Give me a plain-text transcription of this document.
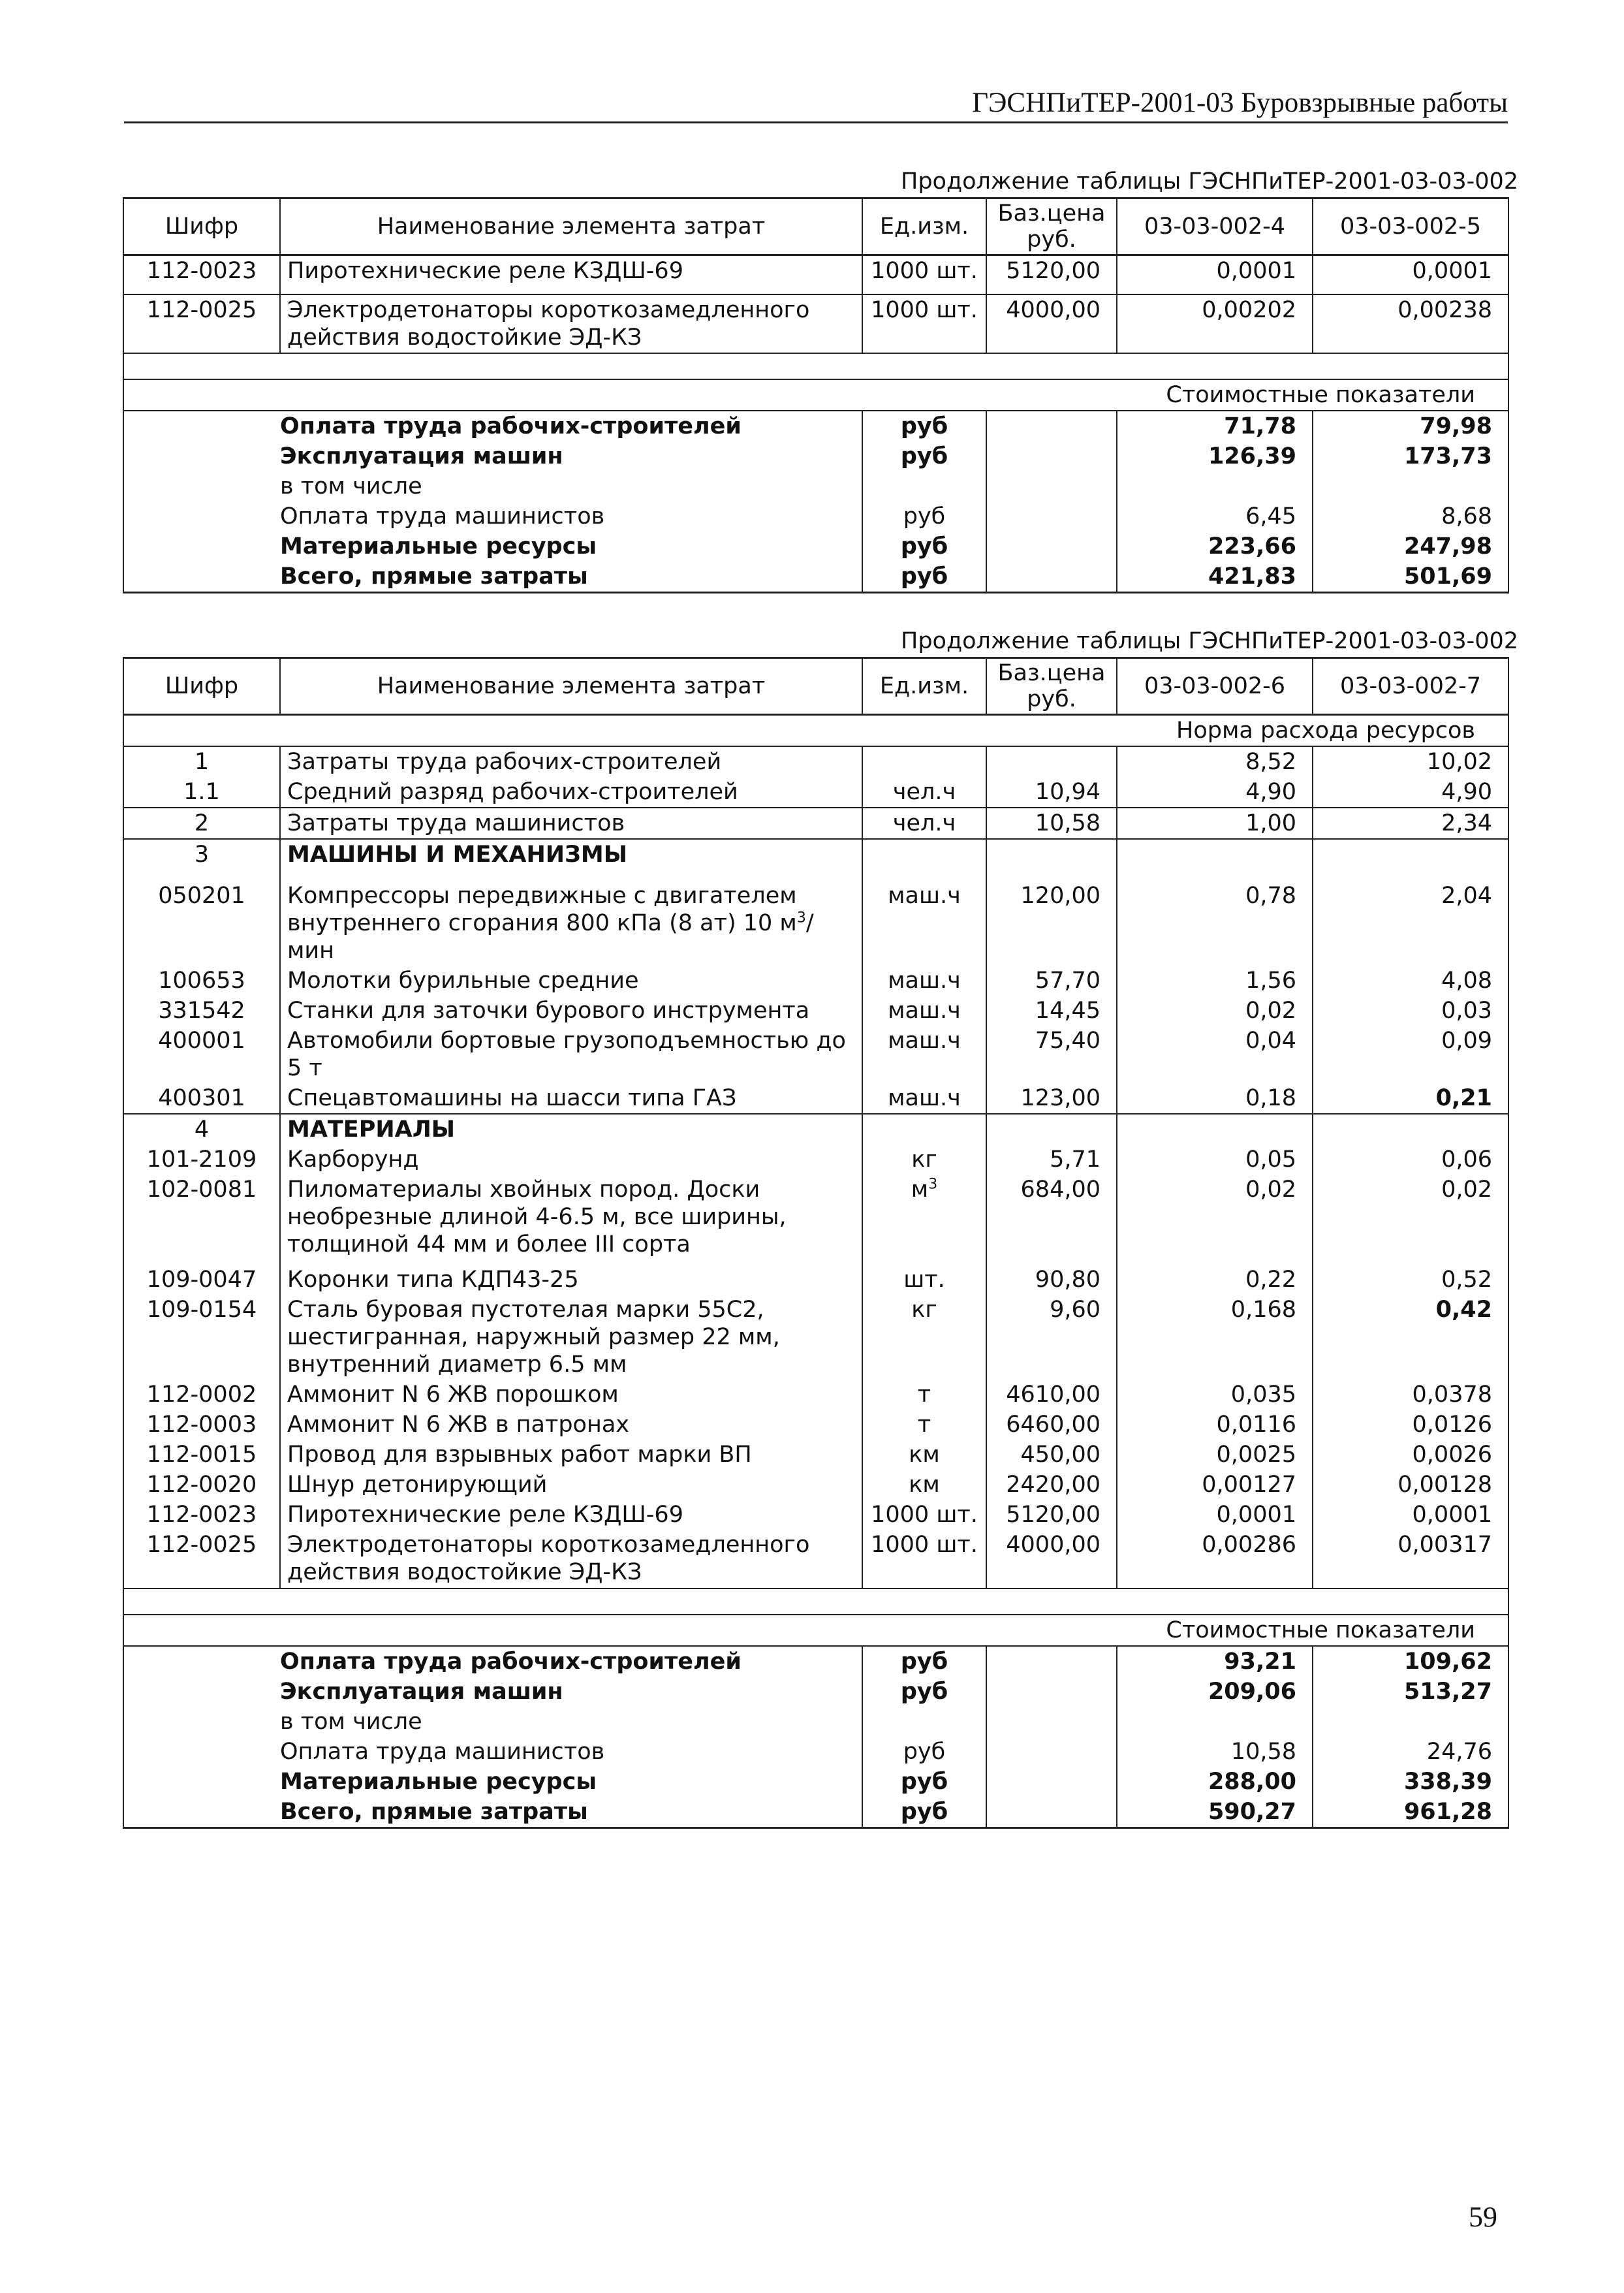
ГЭСНПиТЕР-2001-03 Буровзрывные работы
Продолжение таблицы ГЭСНПиТЕР-2001-03-03-002
Шифр	Наименование элемента затрат	Ед.изм.	Баз.цена руб.	03-03-002-4	03-03-002-5
112-0023	Пиротехнические реле КЗДШ-69	1000 шт.	5120,00	0,0001	0,0001
112-0025	Электродетонаторы короткозамедленного действия водостойкие ЭД-КЗ	1000 шт.	4000,00	0,00202	0,00238

Стоимостные показатели					
	Оплата труда рабочих-строителей	руб		71,78	79,98
	Эксплуатация машин	руб		126,39	173,73
	в том числе				
	Оплата труда машинистов	руб		6,45	8,68
	Материальные ресурсы	руб		223,66	247,98
	Всего, прямые затраты	руб		421,83	501,69
Продолжение таблицы ГЭСНПиТЕР-2001-03-03-002
Шифр	Наименование элемента затрат	Ед.изм.	Баз.цена руб.	03-03-002-6	03-03-002-7
Норма расхода ресурсов					
1	Затраты труда рабочих-строителей			8,52	10,02
1.1	Средний разряд рабочих-строителей	чел.ч	10,94	4,90	4,90
2	Затраты труда машинистов	чел.ч	10,58	1,00	2,34
3	МАШИНЫ И МЕХАНИЗМЫ				
050201	Компрессоры передвижные с двигателем внутреннего сгорания 800 кПа (8 ат) 10 $м^3$/мин	маш.ч	120,00	0,78	2,04
100653	Молотки бурильные средние	маш.ч	57,70	1,56	4,08
331542	Станки для заточки бурового инструмента	маш.ч	14,45	0,02	0,03
400001	Автомобили бортовые грузоподъемностью до 5 т	маш.ч	75,40	0,04	0,09
400301	Спецавтомашины на шасси типа ГАЗ	маш.ч	123,00	0,18	0,21
4	МАТЕРИАЛЫ				
101-2109	Карборунд	кг	5,71	0,05	0,06
102-0081	Пиломатериалы хвойных пород. Доски необрезные длиной 4-6.5 м, все ширины, толщиной 44 мм и более III сорта	$м^3$	684,00	0,02	0,02
109-0047	Коронки типа КДП43-25	шт.	90,80	0,22	0,52
109-0154	Сталь буровая пустотелая марки 55С2, шестигранная, наружный размер 22 мм, внутренний диаметр 6.5 мм	кг	9,60	0,168	0,42
112-0002	Аммонит N 6 ЖВ порошком	т	4610,00	0,035	0,0378
112-0003	Аммонит N 6 ЖВ в патронах	т	6460,00	0,0116	0,0126
112-0015	Провод для взрывных работ марки ВП	км	450,00	0,0025	0,0026
112-0020	Шнур детонирующий	км	2420,00	0,00127	0,00128
112-0023	Пиротехнические реле КЗДШ-69	1000 шт.	5120,00	0,0001	0,0001
112-0025	Электродетонаторы короткозамедленного действия водостойкие ЭД-КЗ	1000 шт.	4000,00	0,00286	0,00317

Стоимостные показатели					
	Оплата труда рабочих-строителей	руб		93,21	109,62
	Эксплуатация машин	руб		209,06	513,27
	в том числе				
	Оплата труда машинистов	руб		10,58	24,76
	Материальные ресурсы	руб		288,00	338,39
	Всего, прямые затраты	руб		590,27	961,28
59
